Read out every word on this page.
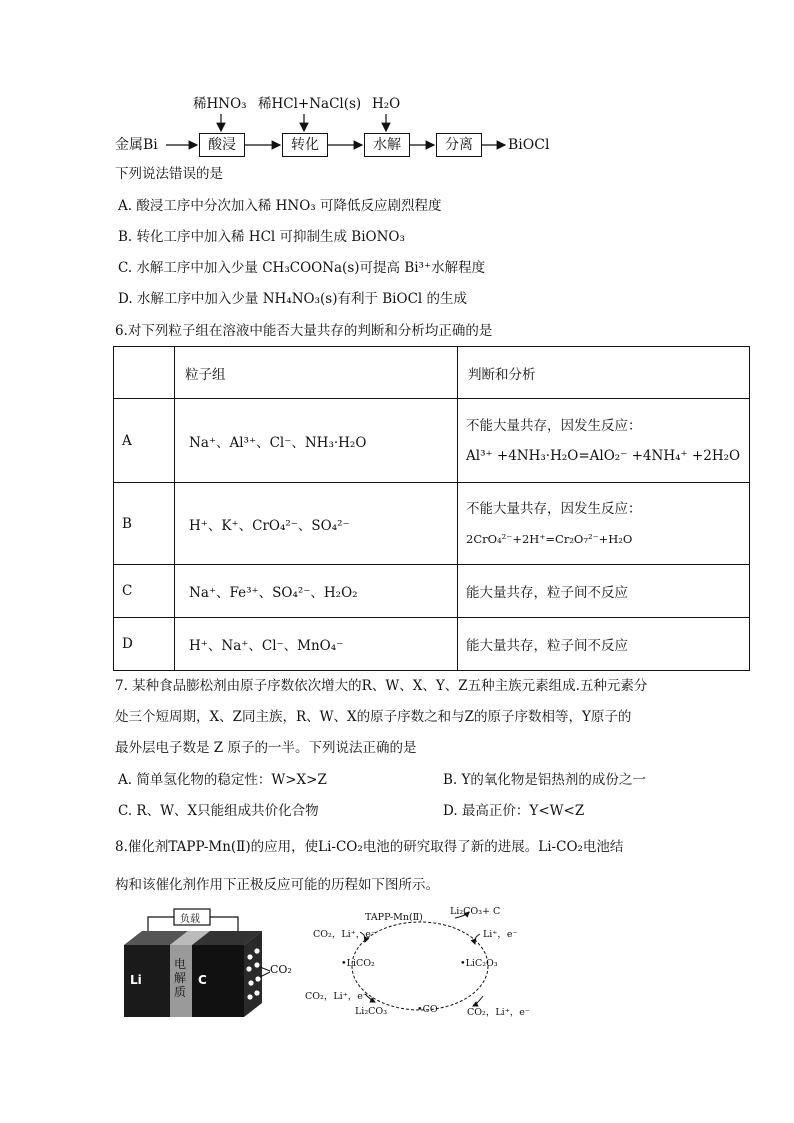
稀HNO₃ 稀HCl+NaCl(s) H₂O
金属Bi	酸浸	转化	水解	分离	BiOCl
下列说法错误的是
A. 酸浸工序中分次加入稀 HNO₃ 可降低反应剧烈程度
B. 转化工序中加入稀 HCl 可抑制生成 BiONO₃
C. 水解工序中加入少量 CH₃COONa(s)可提高 Bi³⁺水解程度
D. 水解工序中加入少量 NH₄NO₃(s)有利于 BiOCl 的生成
6.对下列粒子组在溶液中能否大量共存的判断和分析均正确的是
	粒子组	判断和分析
A	Na⁺、Al³⁺、Cl⁻、NH₃·H₂O	不能大量共存，因发生反应：
Al³⁺ +4NH₃·H₂O=AlO₂⁻ +4NH₄⁺ +2H₂O

B	H⁺、K⁺、CrO₄²⁻、SO₄²⁻	不能大量共存，因发生反应：
2CrO₄²⁻+2H⁺=Cr₂O₇²⁻+H₂O

C	Na⁺、Fe³⁺、SO₄²⁻、H₂O₂	能大量共存，粒子间不反应
D	H⁺、Na⁺、Cl⁻、MnO₄⁻	能大量共存，粒子间不反应
7. 某种食品膨松剂由原子序数依次增大的R、W、X、Y、Z五种主族元素组成.五种元素分
处三个短周期，X、Z同主族，R、W、X的原子序数之和与Z的原子序数相等，Y原子的
最外层电子数是 Z 原子的一半。下列说法正确的是
A. 简单氢化物的稳定性：W>X>Z	B. Y的氧化物是铝热剂的成份之一
C. R、W、X只能组成共价化合物	D. 最高正价：Y<W<Z
8.催化剂TAPP-Mn(Ⅱ)的应用，使Li-CO₂电池的研究取得了新的进展。Li-CO₂电池结
构和该催化剂作用下正极反应可能的历程如下图所示。
Li
电解质
C
负载
CO₂
TAPP-Mn(Ⅱ)
Li₂CO₃+ C
CO₂，Li⁺，e⁻	Li⁺，e⁻
•LiCO₂	•LiC₂O₃
CO₂，Li⁺，e⁻
Li₂CO₃	•CO	CO₂，Li⁺，e⁻
